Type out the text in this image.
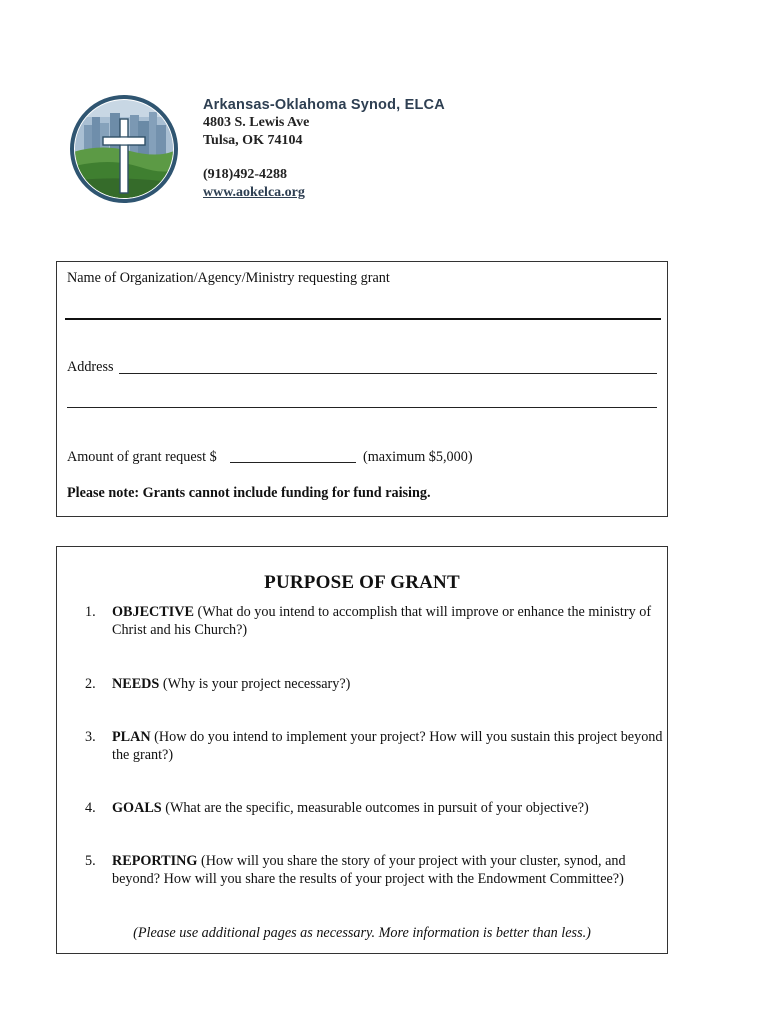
Arkansas-Oklahoma Synod, ELCA
4803 S. Lewis Ave
Tulsa, OK 74104
(918)492-4288
www.aokelca.org
Name of Organization/Agency/Ministry requesting grant
Address
Amount of grant request $	(maximum $5,000)
Please note: Grants cannot include funding for fund raising.
PURPOSE OF GRANT
1. OBJECTIVE (What do you intend to accomplish that will improve or enhance the ministry of Christ and his Church?)
2. NEEDS (Why is your project necessary?)
3. PLAN (How do you intend to implement your project? How will you sustain this project beyond the grant?)
4. GOALS (What are the specific, measurable outcomes in pursuit of your objective?)
5. REPORTING (How will you share the story of your project with your cluster, synod, and beyond? How will you share the results of your project with the Endowment Committee?)
(Please use additional pages as necessary. More information is better than less.)
